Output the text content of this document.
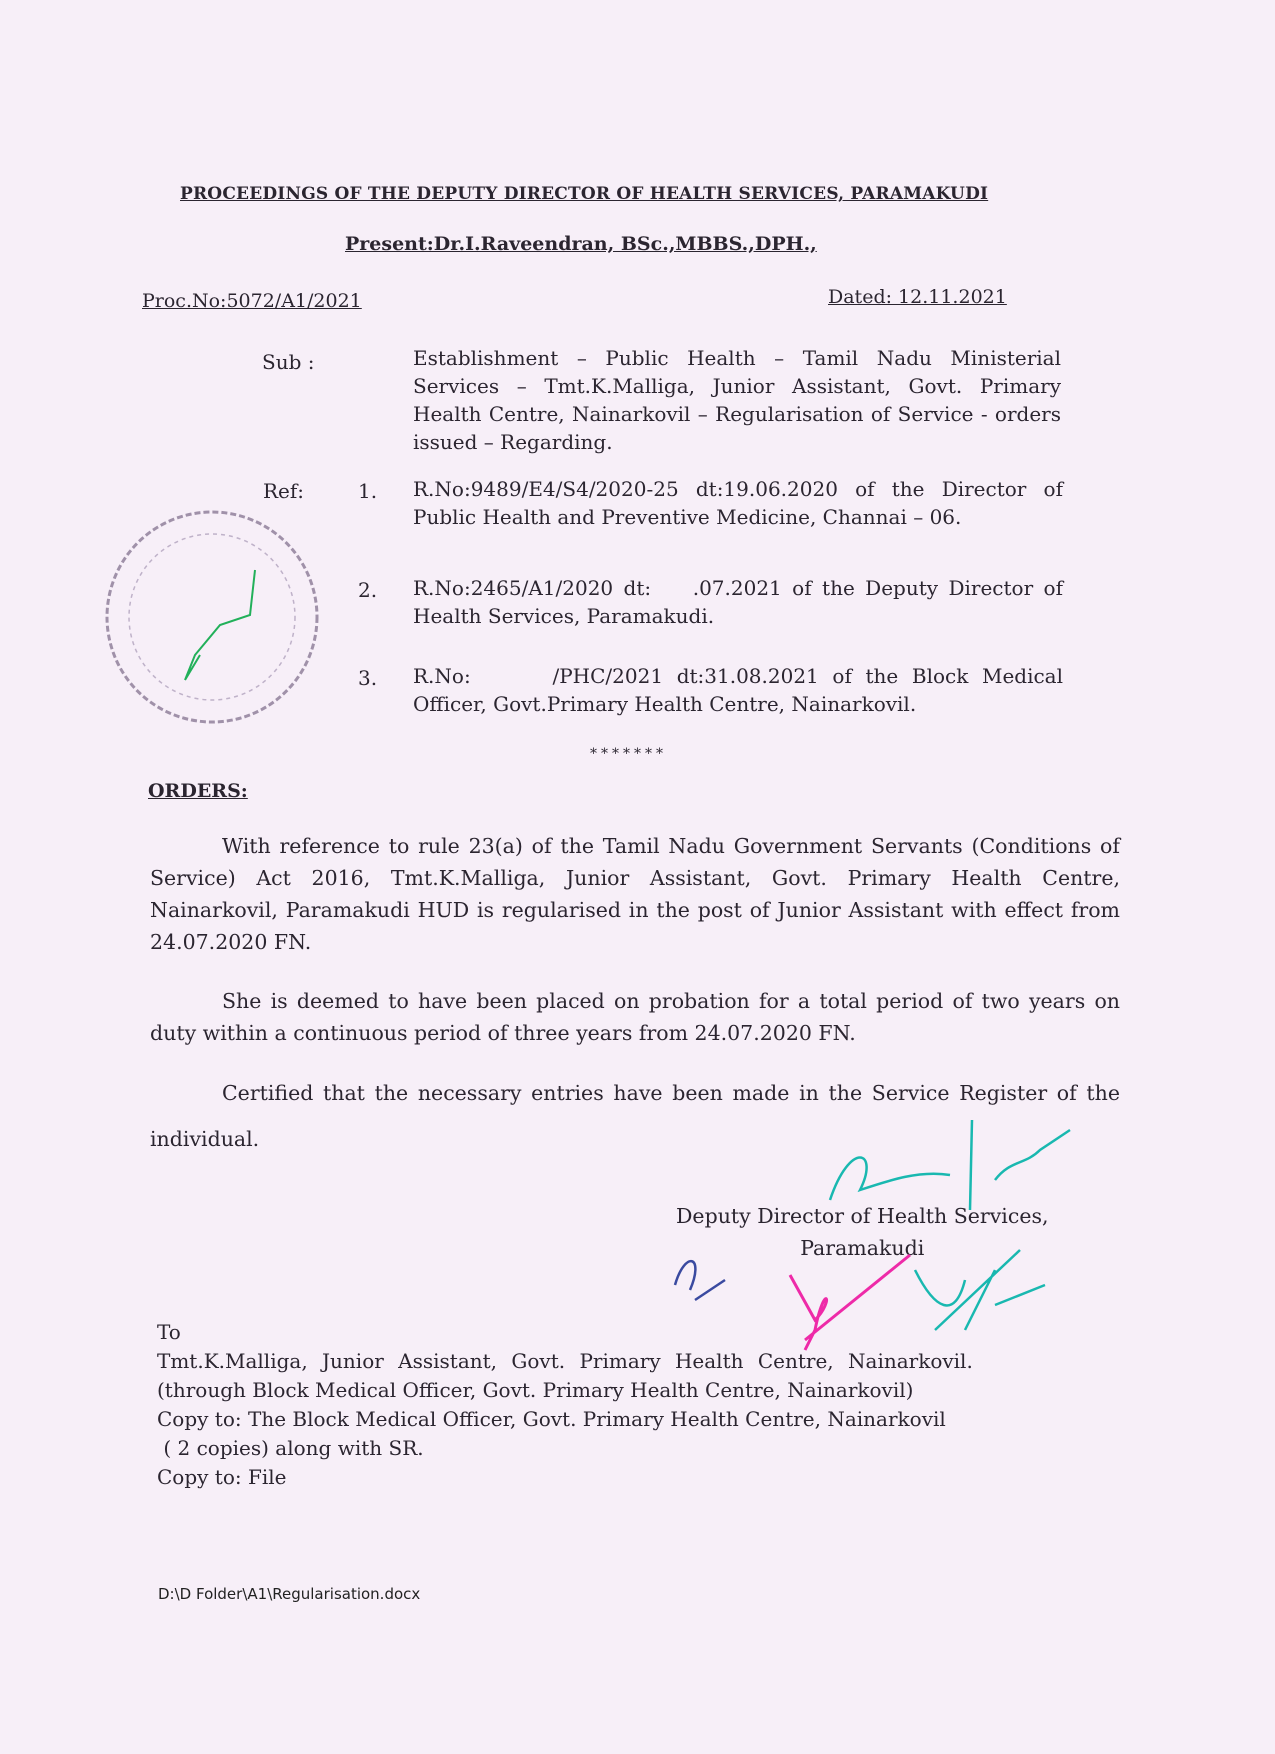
PROCEEDINGS OF THE DEPUTY DIRECTOR OF HEALTH SERVICES, PARAMAKUDI
Present:Dr.I.Raveendran, BSc.,MBBS.,DPH.,
Proc.No:5072/A1/2021	Dated: 12.11.2021
Sub :	Establishment – Public Health – Tamil Nadu Ministerial Services – Tmt.K.Malliga, Junior Assistant, Govt. Primary Health Centre, Nainarkovil – Regularisation of Service - orders issued – Regarding.
Ref:	1. R.No:9489/E4/S4/2020-25 dt:19.06.2020 of the Director of Public Health and Preventive Medicine, Channai – 06.
2. R.No:2465/A1/2020 dt:    .07.2021 of the Deputy Director of Health Services, Paramakudi.
3. R.No:      /PHC/2021 dt:31.08.2021 of the Block Medical Officer, Govt.Primary Health Centre, Nainarkovil.
*******
ORDERS:
With reference to rule 23(a) of the Tamil Nadu Government Servants (Conditions of Service) Act 2016, Tmt.K.Malliga, Junior Assistant, Govt. Primary Health Centre, Nainarkovil, Paramakudi HUD is regularised in the post of Junior Assistant with effect from 24.07.2020 FN.
She is deemed to have been placed on probation for a total period of two years on duty within a continuous period of three years from 24.07.2020 FN.
Certified that the necessary entries have been made in the Service Register of the individual.
Deputy Director of Health Services,
Paramakudi
To
Tmt.K.Malliga, Junior Assistant, Govt. Primary Health Centre, Nainarkovil.
(through Block Medical Officer, Govt. Primary Health Centre, Nainarkovil)
Copy to: The Block Medical Officer, Govt. Primary Health Centre, Nainarkovil
( 2 copies) along with SR.
Copy to: File
D:\D Folder\A1\Regularisation.docx
